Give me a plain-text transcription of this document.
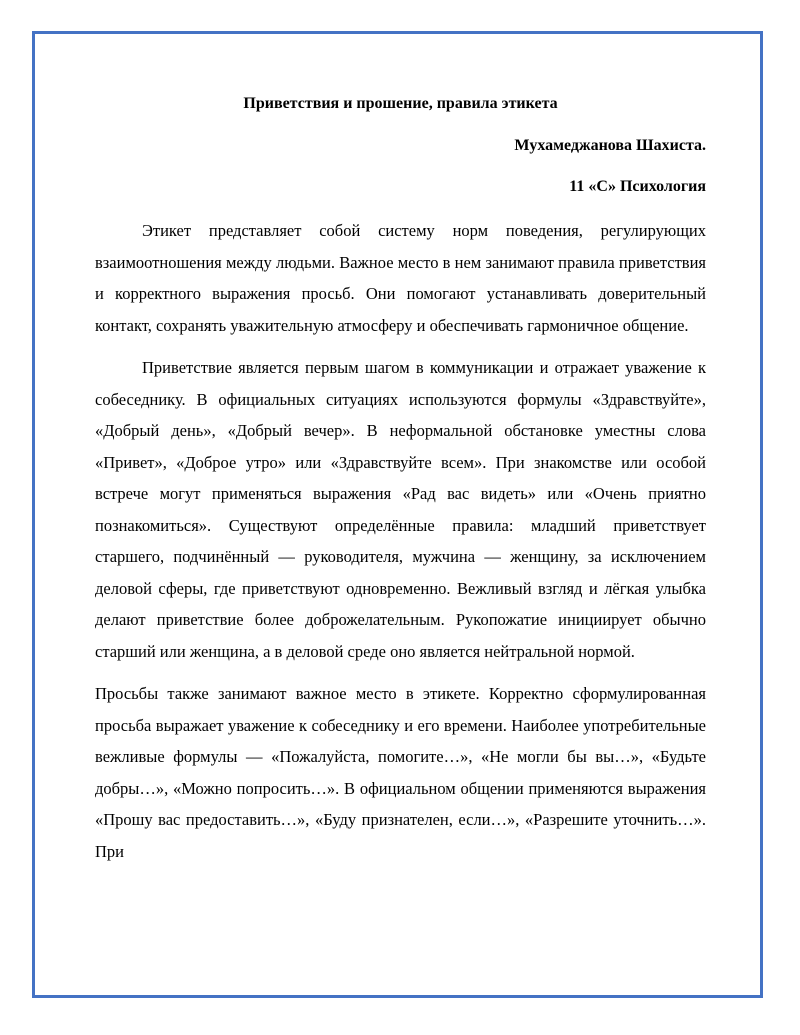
Приветствия и прошение, правила этикета
Мухамеджанова Шахиста.
11 «С» Психология

Этикет представляет собой систему норм поведения, регулирующих взаимоотношения между людьми. Важное место в нем занимают правила приветствия и корректного выражения просьб. Они помогают устанавливать доверительный контакт, сохранять уважительную атмосферу и обеспечивать гармоничное общение.

Приветствие является первым шагом в коммуникации и отражает уважение к собеседнику. В официальных ситуациях используются формулы «Здравствуйте», «Добрый день», «Добрый вечер». В неформальной обстановке уместны слова «Привет», «Доброе утро» или «Здравствуйте всем». При знакомстве или особой встрече могут применяться выражения «Рад вас видеть» или «Очень приятно познакомиться». Существуют определённые правила: младший приветствует старшего, подчинённый — руководителя, мужчина — женщину, за исключением деловой сферы, где приветствуют одновременно. Вежливый взгляд и лёгкая улыбка делают приветствие более доброжелательным. Рукопожатие инициирует обычно старший или женщина, а в деловой среде оно является нейтральной нормой.

Просьбы также занимают важное место в этикете. Корректно сформулированная просьба выражает уважение к собеседнику и его времени. Наиболее употребительные вежливые формулы — «Пожалуйста, помогите…», «Не могли бы вы…», «Будьте добры…», «Можно попросить…». В официальном общении применяются выражения «Прошу вас предоставить…», «Буду признателен, если…», «Разрешите уточнить…». При
